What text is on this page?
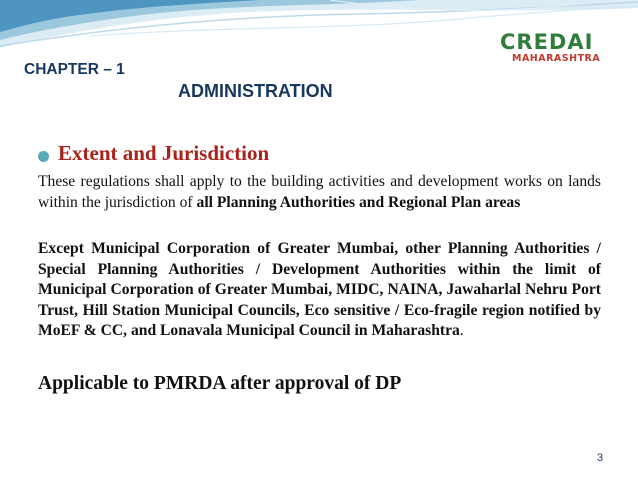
CREDAI
MAHARASHTRA
CHAPTER – 1
ADMINISTRATION
Extent and Jurisdiction
These regulations shall apply to the building activities and development works on lands within the jurisdiction of all Planning Authorities and Regional Plan areas
Except Municipal Corporation of Greater Mumbai, other Planning Authorities / Special Planning Authorities / Development Authorities within the limit of Municipal Corporation of Greater Mumbai, MIDC, NAINA, Jawaharlal Nehru Port Trust, Hill Station Municipal Councils, Eco sensitive / Eco-fragile region notified by MoEF & CC, and Lonavala Municipal Council in Maharashtra.
Applicable to PMRDA after approval of DP
3
